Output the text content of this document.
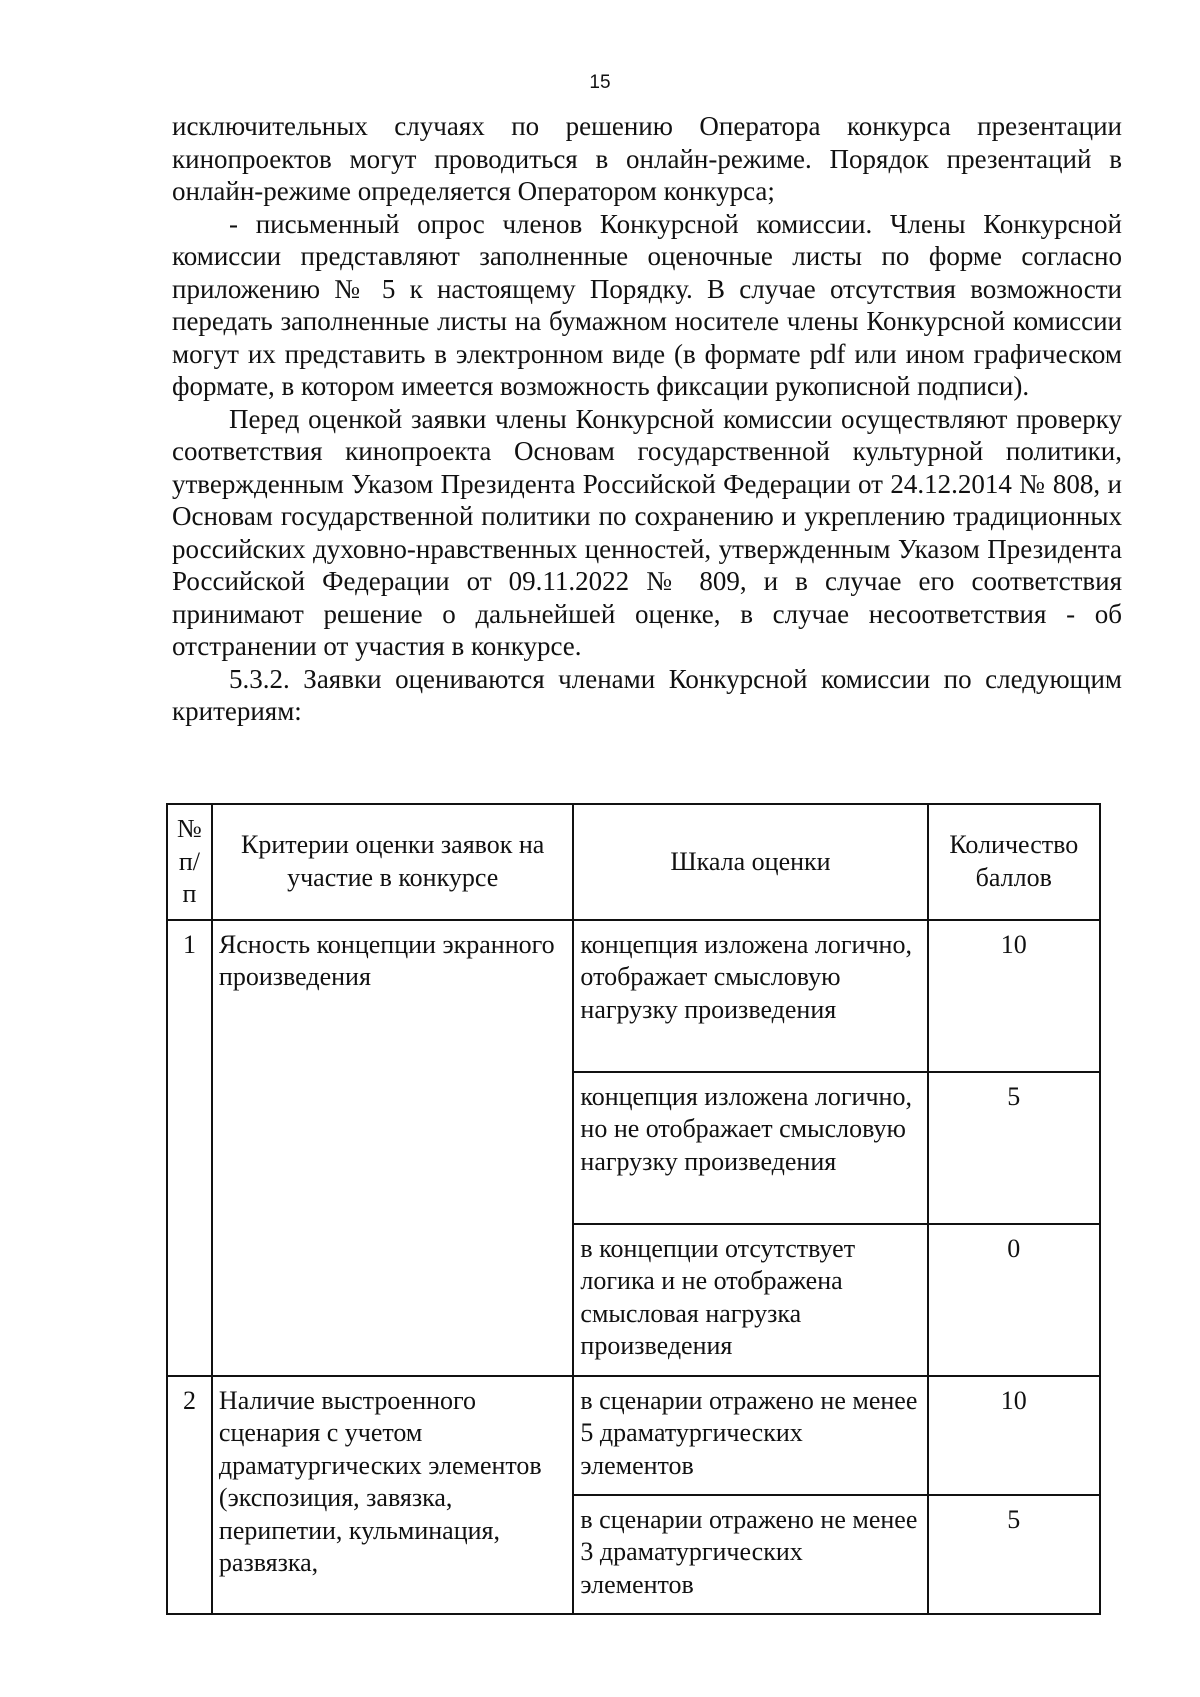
15

исключительных случаях по решению Оператора конкурса презентации кинопроектов могут проводиться в онлайн-режиме. Порядок презентаций в онлайн-режиме определяется Оператором конкурса;

- письменный опрос членов Конкурсной комиссии. Члены Конкурсной комиссии представляют заполненные оценочные листы по форме согласно приложению № 5 к настоящему Порядку. В случае отсутствия возможности передать заполненные листы на бумажном носителе члены Конкурсной комиссии могут их представить в электронном виде (в формате pdf или ином графическом формате, в котором имеется возможность фиксации рукописной подписи).

Перед оценкой заявки члены Конкурсной комиссии осуществляют проверку соответствия кинопроекта Основам государственной культурной политики, утвержденным Указом Президента Российской Федерации от 24.12.2014 № 808, и Основам государственной политики по сохранению и укреплению традиционных российских духовно-нравственных ценностей, утвержденным Указом Президента Российской Федерации от 09.11.2022 № 809, и в случае его соответствия принимают решение о дальнейшей оценке, в случае несоответствия - об отстранении от участия в конкурсе.

5.3.2. Заявки оцениваются членами Конкурсной комиссии по следующим критериям:

№ п/п	Критерии оценки заявок на участие в конкурсе	Шкала оценки	Количество баллов
1	Ясность концепции экранного произведения	концепция изложена логично, отображает смысловую нагрузку произведения	10
		концепция изложена логично, но не отображает смысловую нагрузку произведения	5
		в концепции отсутствует логика и не отображена смысловая нагрузка произведения	0
2	Наличие выстроенного сценария с учетом драматургических элементов (экспозиция, завязка, перипетии, кульминация, развязка,	в сценарии отражено не менее 5 драматургических элементов	10
		в сценарии отражено не менее 3 драматургических элементов	5
